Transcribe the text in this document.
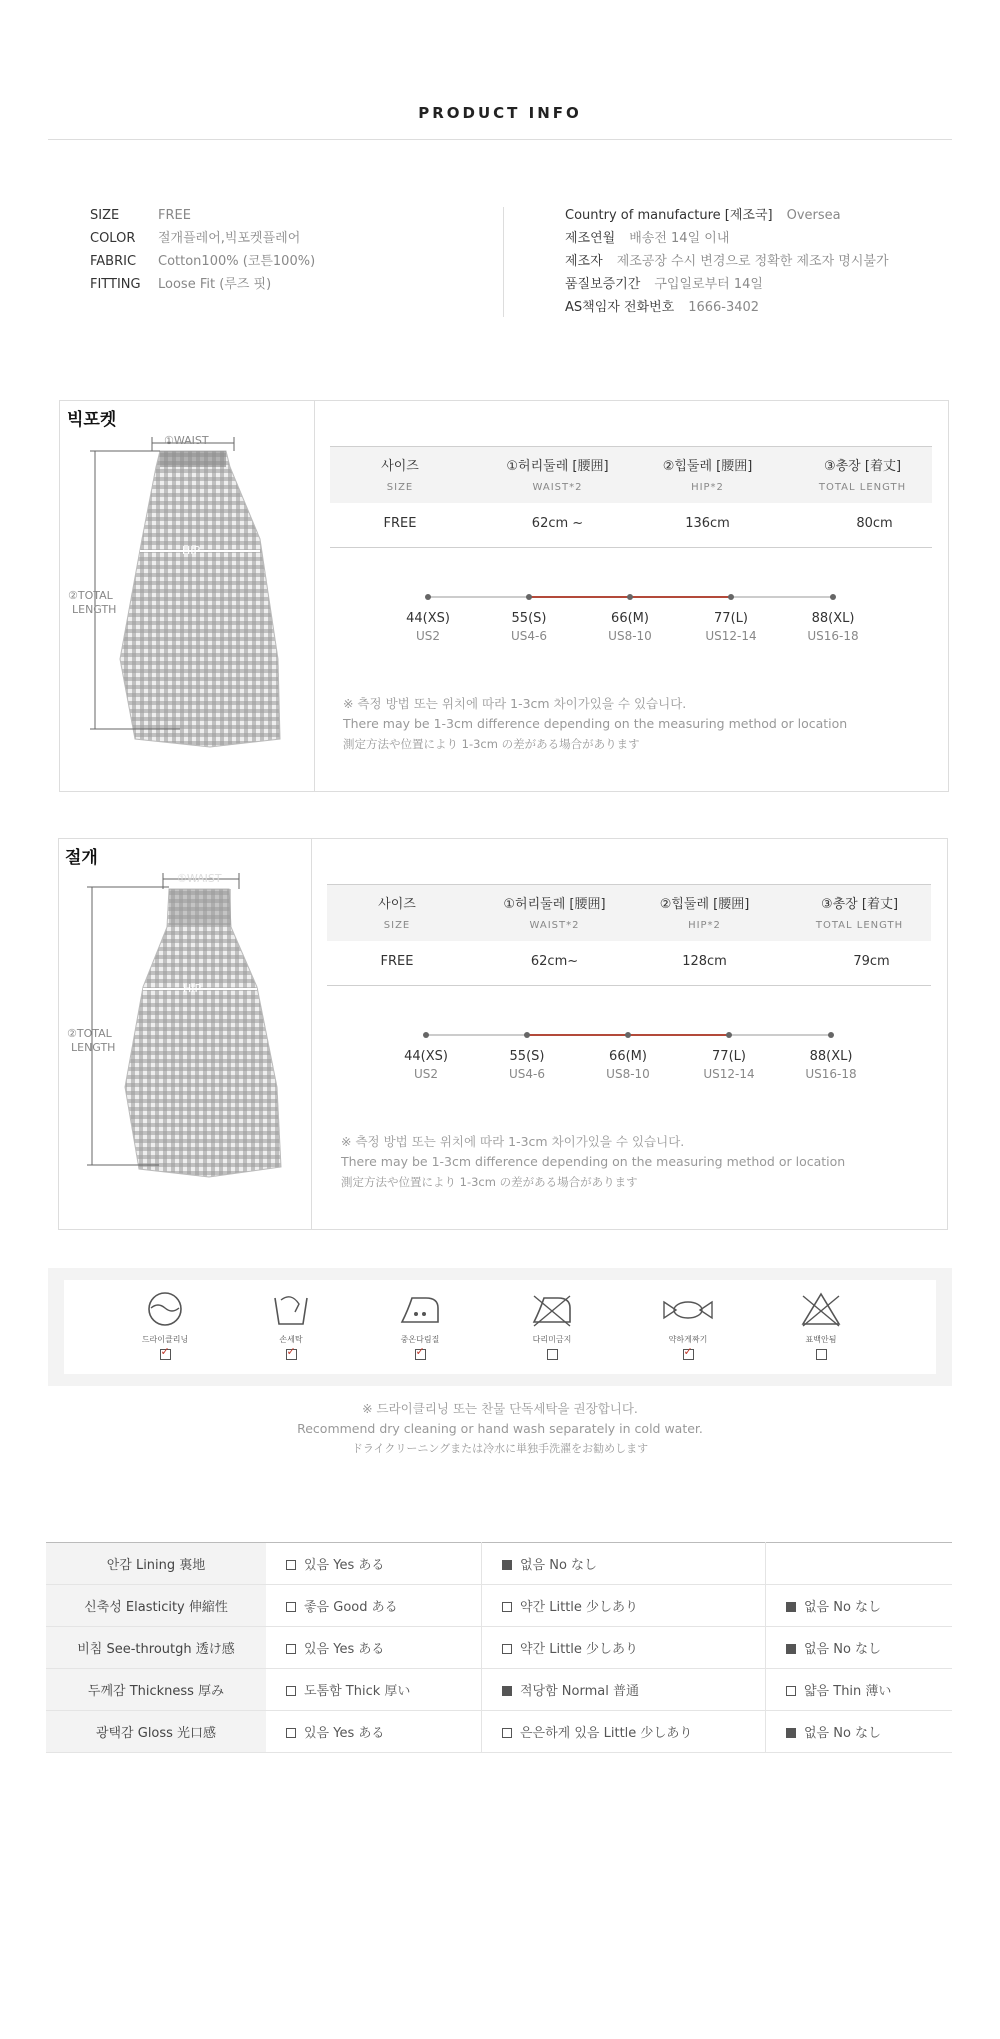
PRODUCT INFO
SIZE	FREE
COLOR 절개플레어,빅포켓플레어
FABRIC Cotton100% (코튼100%)
FITTING Loose Fit (루즈 핏)
Country of manufacture [제조국] Oversea
제조연월 배송전 14일 이내
제조자 제조공장 수시 변경으로 정확한 제조자 명시불가
품질보증기간 구입일로부터 14일
AS책임자 전화번호 1666-3402
빅포켓
①WAIST
HIP
②TOTAL
LENGTH
사이즈	①허리둘레 [腰囲]	②힙둘레 [腰囲]	③총장 [着丈]
SIZE	WAIST*2	HIP*2	TOTAL LENGTH
FREE	62cm ~	136cm	80cm
44(XS)	55(S)	66(M)	77(L)	88(XL)
US2	US4-6	US8-10	US12-14	US16-18
※ 측정 방법 또는 위치에 따라 1-3cm 차이가있을 수 있습니다.
There may be 1-3cm difference depending on the measuring method or location
測定方法や位置により 1-3cm の差がある場合があります
절개
①WAIST
HIP
②TOTAL
LENGTH
사이즈	①허리둘레 [腰囲]	②힙둘레 [腰囲]	③총장 [着丈]
SIZE	WAIST*2	HIP*2	TOTAL LENGTH
FREE	62cm~	128cm	79cm
44(XS)	55(S)	66(M)	77(L)	88(XL)
US2	US4-6	US8-10	US12-14	US16-18
※ 측정 방법 또는 위치에 따라 1-3cm 차이가있을 수 있습니다.
There may be 1-3cm difference depending on the measuring method or location
測定方法や位置により 1-3cm の差がある場合があります
드라이클리닝
✓	손세탁
✓	중온다림질
✓	다리미금지	약하게짜기
✓	표백안됨
※ 드라이클리닝 또는 찬물 단독세탁을 권장합니다.
Recommend dry cleaning or hand wash separately in cold water.
ドライクリーニングまたは冷水に単独手洗濯をお勧めします
안감 Lining 裏地	있음 Yes ある	없음 No なし	
신축성 Elasticity 伸縮性	좋음 Good ある	약간 Little 少しあり	없음 No なし
비침 See-throutgh 透け感	있음 Yes ある	약간 Little 少しあり	없음 No なし
두께감 Thickness 厚み	도톰함 Thick 厚い	적당함 Normal 普通	얇음 Thin 薄い
광택감 Gloss 光口感	있음 Yes ある	은은하게 있음 Little 少しあり	없음 No なし
